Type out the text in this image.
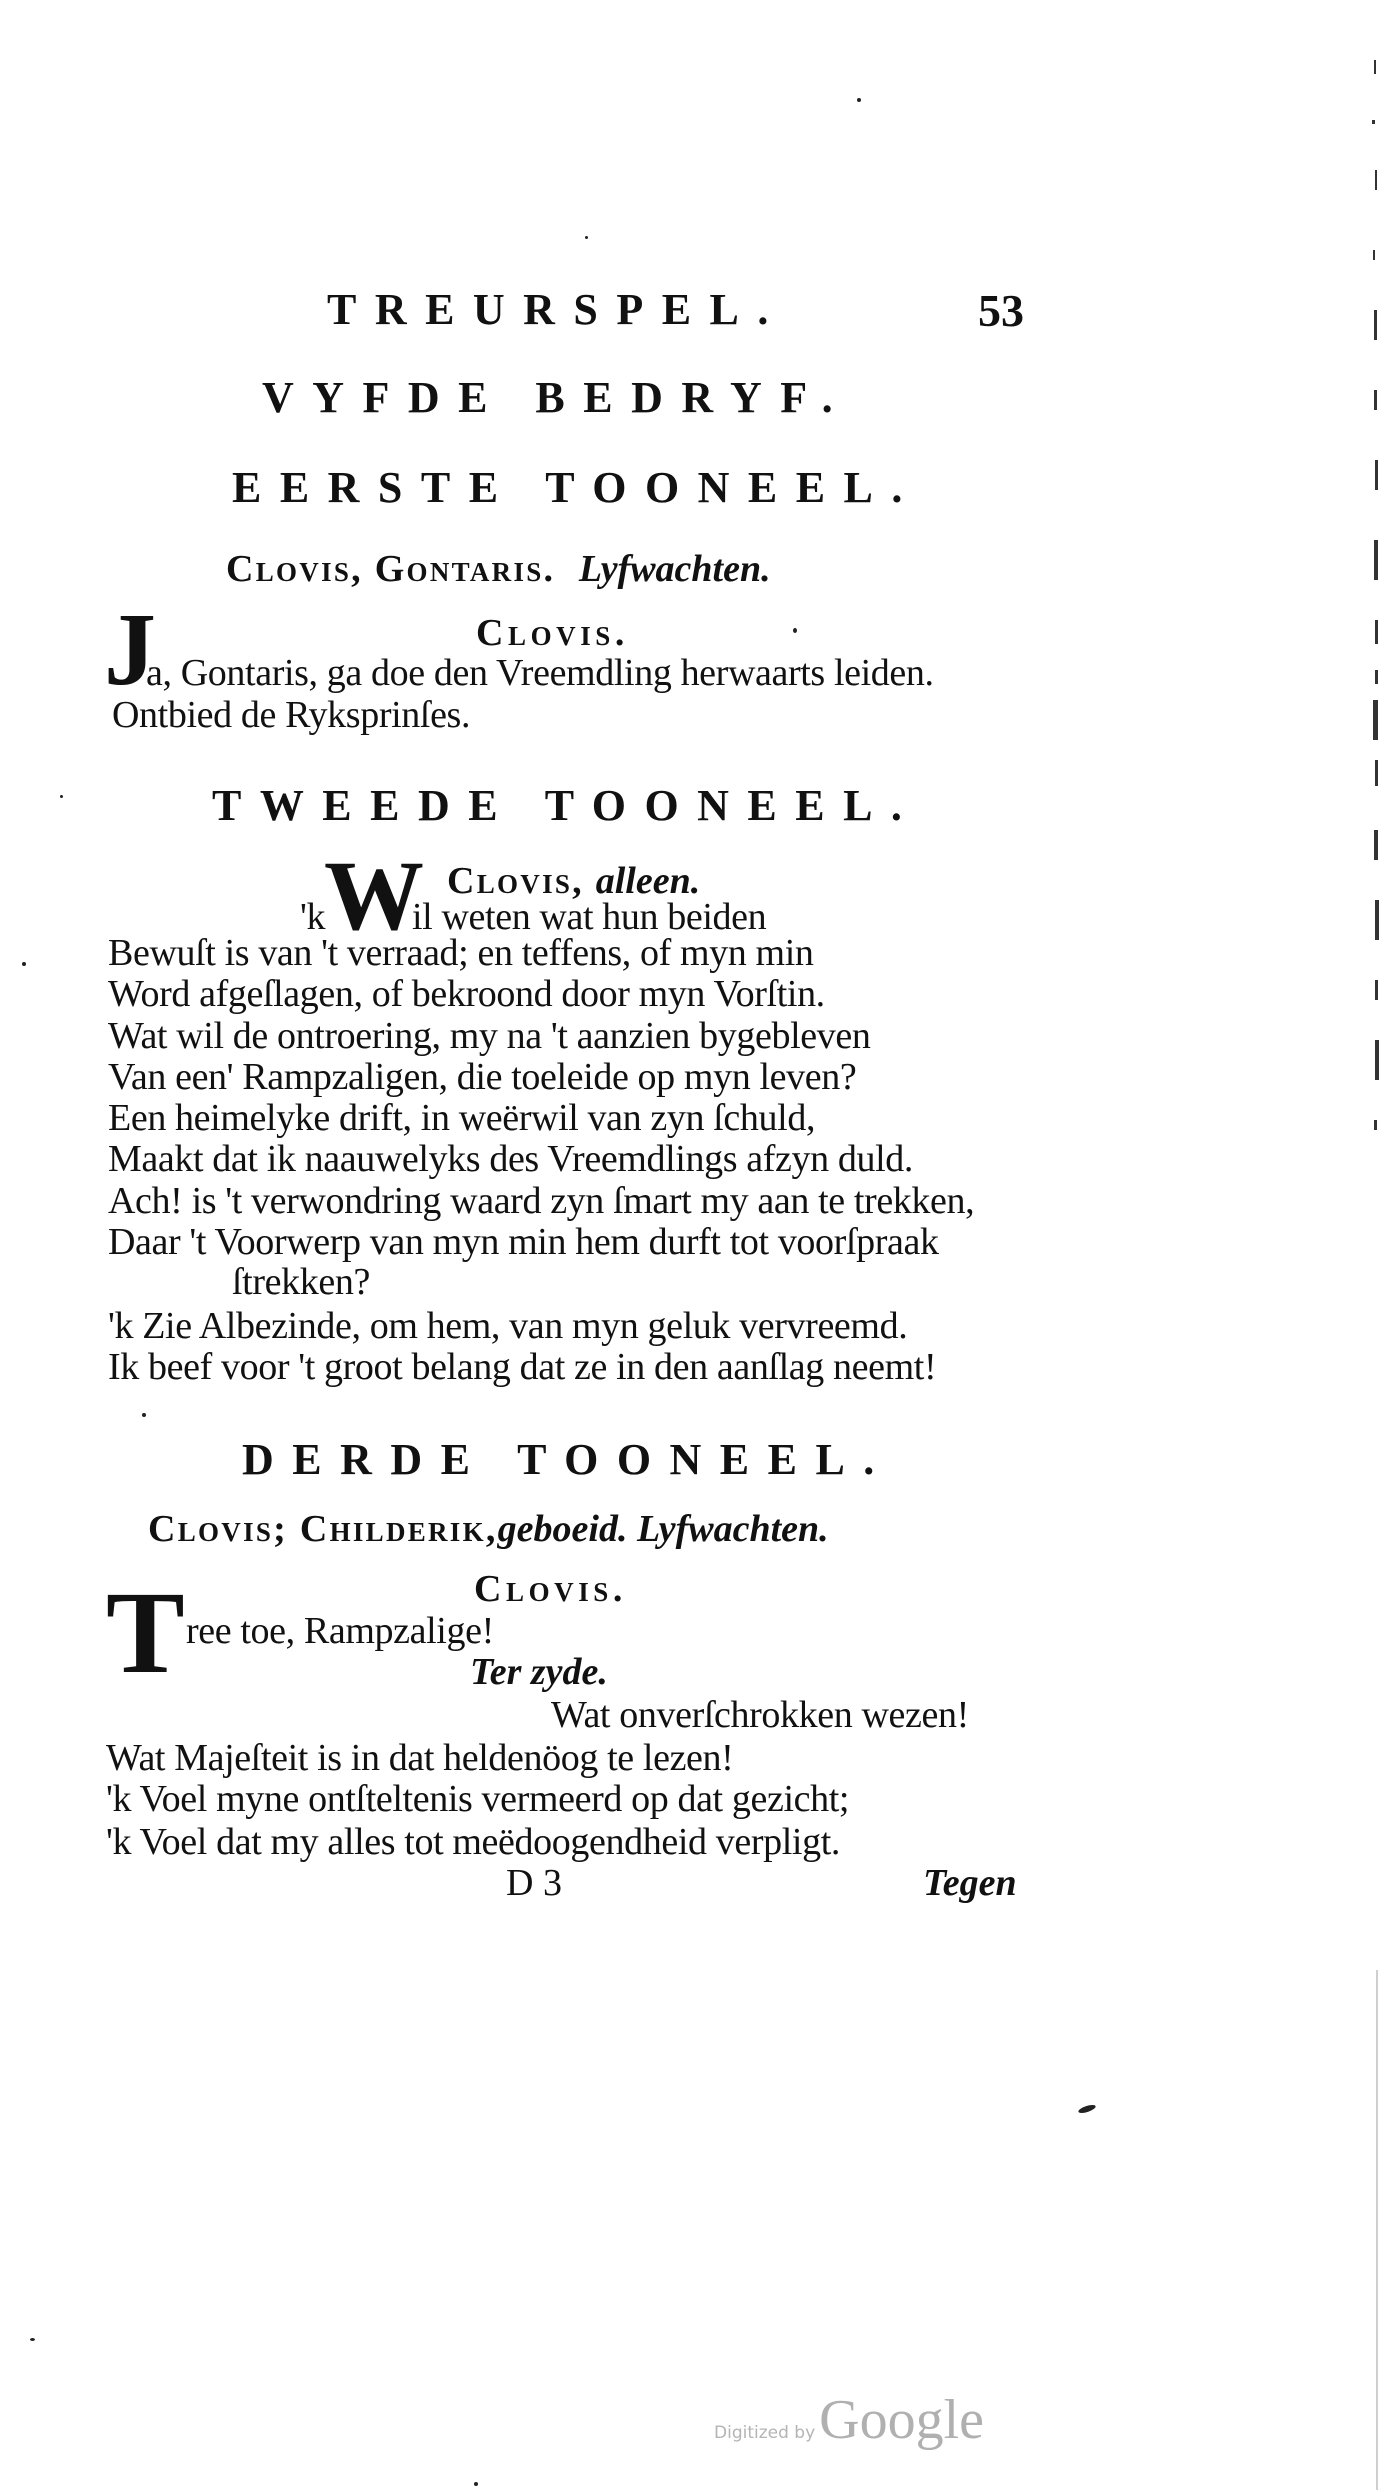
TREURSPEL.	53
VYFDE BEDRYF.
EERSTE TOONEEL.
Clovis, Gontaris. Lyfwachten.
Clovis.
J
a, Gontaris, ga doe den Vreemdling herwaarts leiden.
Ontbied de Ryksprinſes.
TWEEDE TOONEEL.
Clovis, alleen.
W
'k il weten wat hun beiden
Bewuſt is van 't verraad; en teffens, of myn min
Word afgeſlagen, of bekroond door myn Vorſtin.
Wat wil de ontroering, my na 't aanzien bygebleven
Van een' Rampzaligen, die toeleide op myn leven?
Een heimelyke drift, in weërwil van zyn ſchuld,
Maakt dat ik naauwelyks des Vreemdlings afzyn duld.
Ach! is 't verwondring waard zyn ſmart my aan te trekken,
Daar 't Voorwerp van myn min hem durft tot voorſpraak
ſtrekken?
'k Zie Albezinde, om hem, van myn geluk vervreemd.
Ik beef voor 't groot belang dat ze in den aanſlag neemt!
DERDE TOONEEL.
Clovis; Childerik,geboeid. Lyfwachten.
Clovis.
T ree toe, Rampzalige!
Ter zyde.
Wat onverſchrokken wezen!
Wat Majeſteit is in dat heldenöog te lezen!
'k Voel myne ontſteltenis vermeerd op dat gezicht;
'k Voel dat my alles tot meëdoogendheid verpligt.
D 3	Tegen
Digitized by Google
